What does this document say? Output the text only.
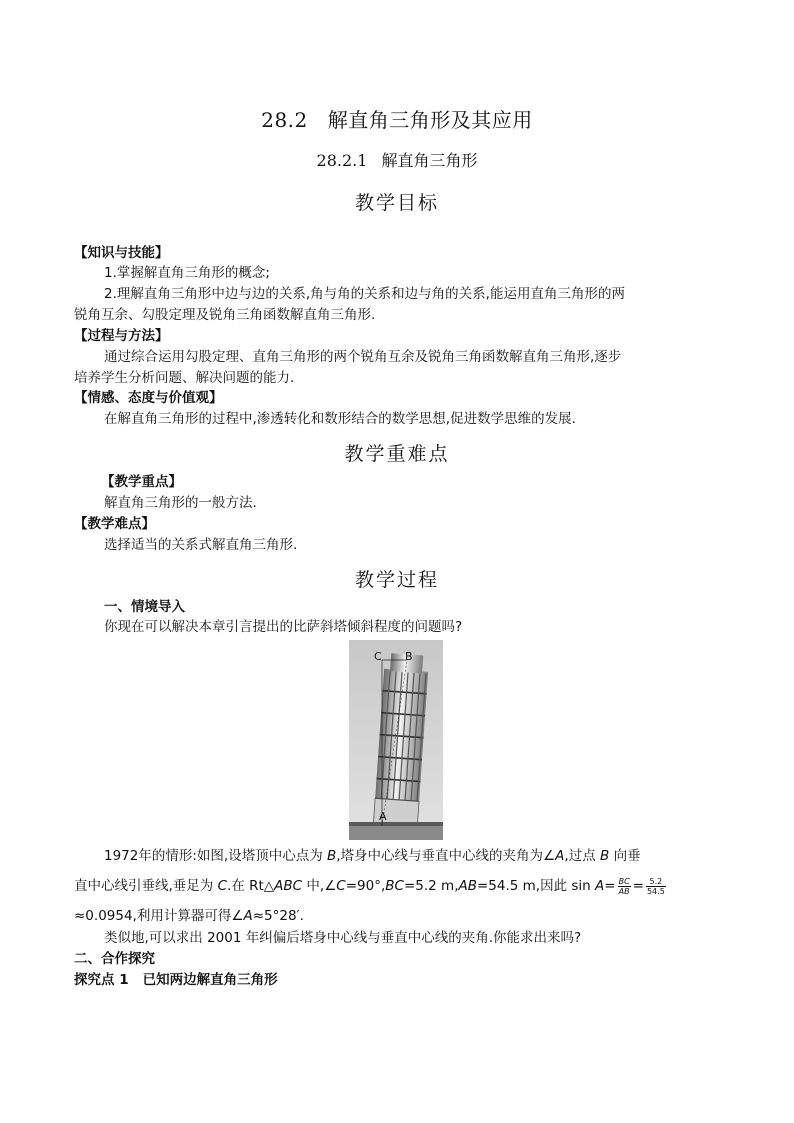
28.2 解直角三角形及其应用
28.2.1 解直角三角形
教学目标
【知识与技能】
1.掌握解直角三角形的概念;
2.理解直角三角形中边与边的关系,角与角的关系和边与角的关系,能运用直角三角形的两
锐角互余、勾股定理及锐角三角函数解直角三角形.
【过程与方法】
通过综合运用勾股定理、直角三角形的两个锐角互余及锐角三角函数解直角三角形,逐步
培养学生分析问题、解决问题的能力.
【情感、态度与价值观】
在解直角三角形的过程中,渗透转化和数形结合的数学思想,促进数学思维的发展.
教学重难点
【教学重点】
解直角三角形的一般方法.
【教学难点】
选择适当的关系式解直角三角形.
教学过程
一、情境导入
你现在可以解决本章引言提出的比萨斜塔倾斜程度的问题吗?
C B
A
1972年的情形:如图,设塔顶中心点为 B,塔身中心线与垂直中心线的夹角为∠A,过点 B 向垂
直中心线引垂线,垂足为 C.在 Rt△ABC 中,∠C=90°,BC=5.2 m,AB=54.5 m,因此 $\sin A= \frac{BC}{AB} = \frac{5.2}{54.5}$
≈0.0954,利用计算器可得∠A≈5°28′.
类似地,可以求出 2001 年纠偏后塔身中心线与垂直中心线的夹角.你能求出来吗?
二、合作探究
探究点 1 已知两边解直角三角形
